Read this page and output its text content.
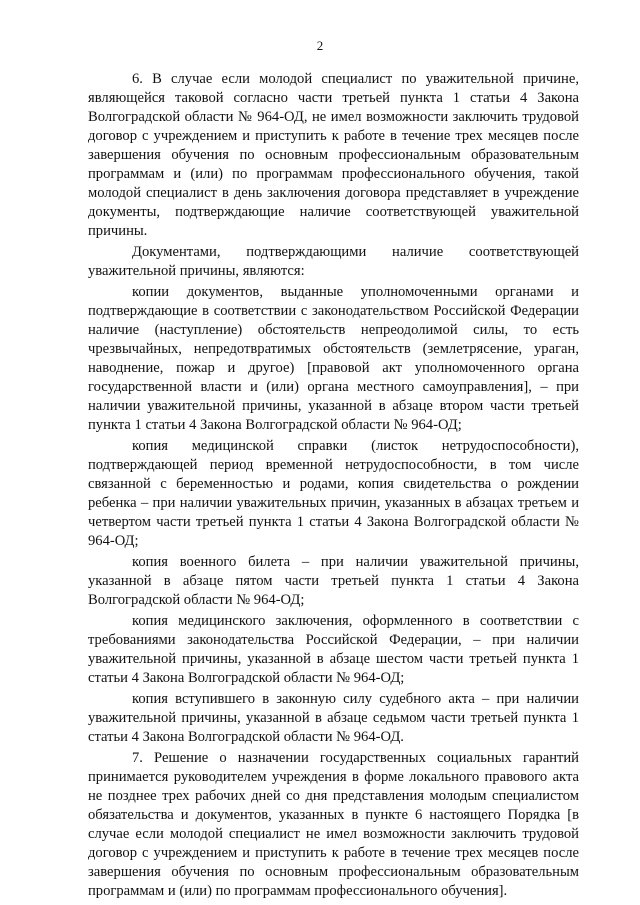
2

6. В случае если молодой специалист по уважительной причине, являющейся таковой согласно части третьей пункта 1 статьи 4 Закона Волгоградской области № 964-ОД, не имел возможности заключить трудовой договор с учреждением и приступить к работе в течение трех месяцев после завершения обучения по основным профессиональным образовательным программам и (или) по программам профессионального обучения, такой молодой специалист в день заключения договора представляет в учреждение документы, подтверждающие наличие соответствующей уважительной причины.

Документами, подтверждающими наличие соответствующей уважительной причины, являются:

копии документов, выданные уполномоченными органами и подтверждающие в соответствии с законодательством Российской Федерации наличие (наступление) обстоятельств непреодолимой силы, то есть чрезвычайных, непредотвратимых обстоятельств (землетрясение, ураган, наводнение, пожар и другое) [правовой акт уполномоченного органа государственной власти и (или) органа местного самоуправления], – при наличии уважительной причины, указанной в абзаце втором части третьей пункта 1 статьи 4 Закона Волгоградской области № 964-ОД;

копия медицинской справки (листок нетрудоспособности), подтверждающей период временной нетрудоспособности, в том числе связанной с беременностью и родами, копия свидетельства о рождении ребенка – при наличии уважительных причин, указанных в абзацах третьем и четвертом части третьей пункта 1 статьи 4 Закона Волгоградской области № 964-ОД;

копия военного билета – при наличии уважительной причины, указанной в абзаце пятом части третьей пункта 1 статьи 4 Закона Волгоградской области № 964-ОД;

копия медицинского заключения, оформленного в соответствии с требованиями законодательства Российской Федерации, – при наличии уважительной причины, указанной в абзаце шестом части третьей пункта 1 статьи 4 Закона Волгоградской области № 964-ОД;

копия вступившего в законную силу судебного акта – при наличии уважительной причины, указанной в абзаце седьмом части третьей пункта 1 статьи 4 Закона Волгоградской области № 964-ОД.

7. Решение о назначении государственных социальных гарантий принимается руководителем учреждения в форме локального правового акта не позднее трех рабочих дней со дня представления молодым специалистом обязательства и документов, указанных в пункте 6 настоящего Порядка [в случае если молодой специалист не имел возможности заключить трудовой договор с учреждением и приступить к работе в течение трех месяцев после завершения обучения по основным профессиональным образовательным программам и (или) по программам профессионального обучения].
